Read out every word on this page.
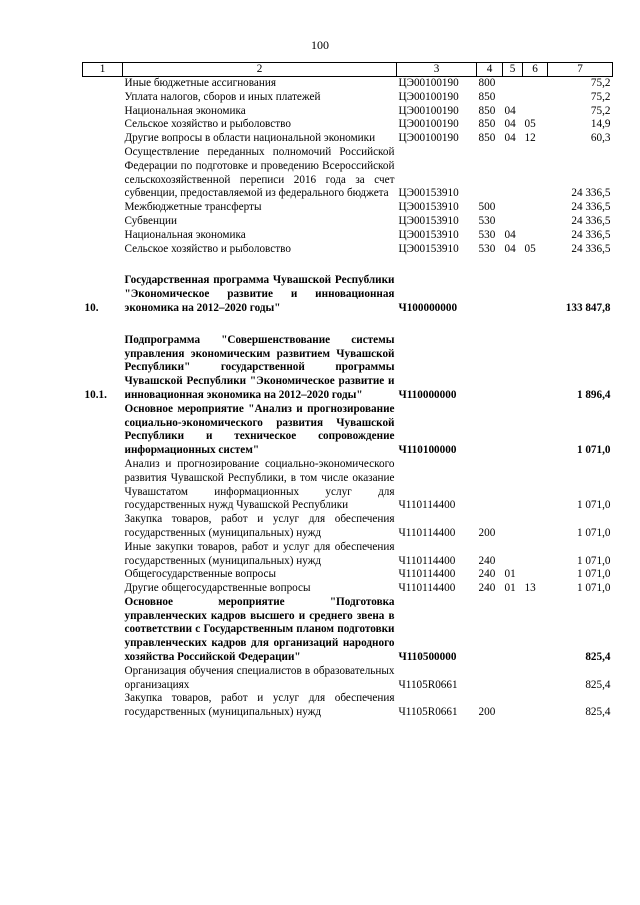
100
1	2	3	4	5	6	7
	Иные бюджетные ассигнования	ЦЭ00100190	800			75,2
	Уплата налогов, сборов и иных платежей	ЦЭ00100190	850			75,2
	Национальная экономика	ЦЭ00100190	850	04		75,2
	Сельское хозяйство и рыболовство	ЦЭ00100190	850	04	05	14,9
	Другие вопросы в области национальной экономики	ЦЭ00100190	850	04	12	60,3
	Осуществление переданных полномочий Российской Федерации по подготовке и проведению Всероссийской сельскохозяйственной переписи 2016 года за счет субвенции, предоставляемой из федерального бюджета	ЦЭ00153910				24 336,5
	Межбюджетные трансферты	ЦЭ00153910	500			24 336,5
	Субвенции	ЦЭ00153910	530			24 336,5
	Национальная экономика	ЦЭ00153910	530	04		24 336,5
	Сельское хозяйство и рыболовство	ЦЭ00153910	530	04	05	24 336,5

10.	Государственная программа Чувашской Республики "Экономическое развитие и инновационная экономика на 2012–2020 годы"	Ч100000000				133 847,8

10.1.	Подпрограмма "Совершенствование системы управления экономическим развитием Чувашской Республики" государственной программы Чувашской Республики "Экономическое развитие и инновационная экономика на 2012–2020 годы"	Ч110000000				1 896,4
	Основное мероприятие "Анализ и прогнозирование социально-экономического развития Чувашской Республики и техническое сопровождение информационных систем"	Ч110100000				1 071,0
	Анализ и прогнозирование социально-экономического развития Чувашской Республики, в том числе оказание Чувашстатом информационных услуг для государственных нужд Чувашской Республики	Ч110114400				1 071,0
	Закупка товаров, работ и услуг для обеспечения государственных (муниципальных) нужд	Ч110114400	200			1 071,0
	Иные закупки товаров, работ и услуг для обеспечения государственных (муниципальных) нужд	Ч110114400	240			1 071,0
	Общегосударственные вопросы	Ч110114400	240	01		1 071,0
	Другие общегосударственные вопросы	Ч110114400	240	01	13	1 071,0
	Основное мероприятие "Подготовка управленческих кадров высшего и среднего звена в соответствии с Государственным планом подготовки управленческих кадров для организаций народного хозяйства Российской Федерации"	Ч110500000				825,4
	Организация обучения специалистов в образовательных организациях	Ч1105R0661				825,4
	Закупка товаров, работ и услуг для обеспечения государственных (муниципальных) нужд	Ч1105R0661	200			825,4
